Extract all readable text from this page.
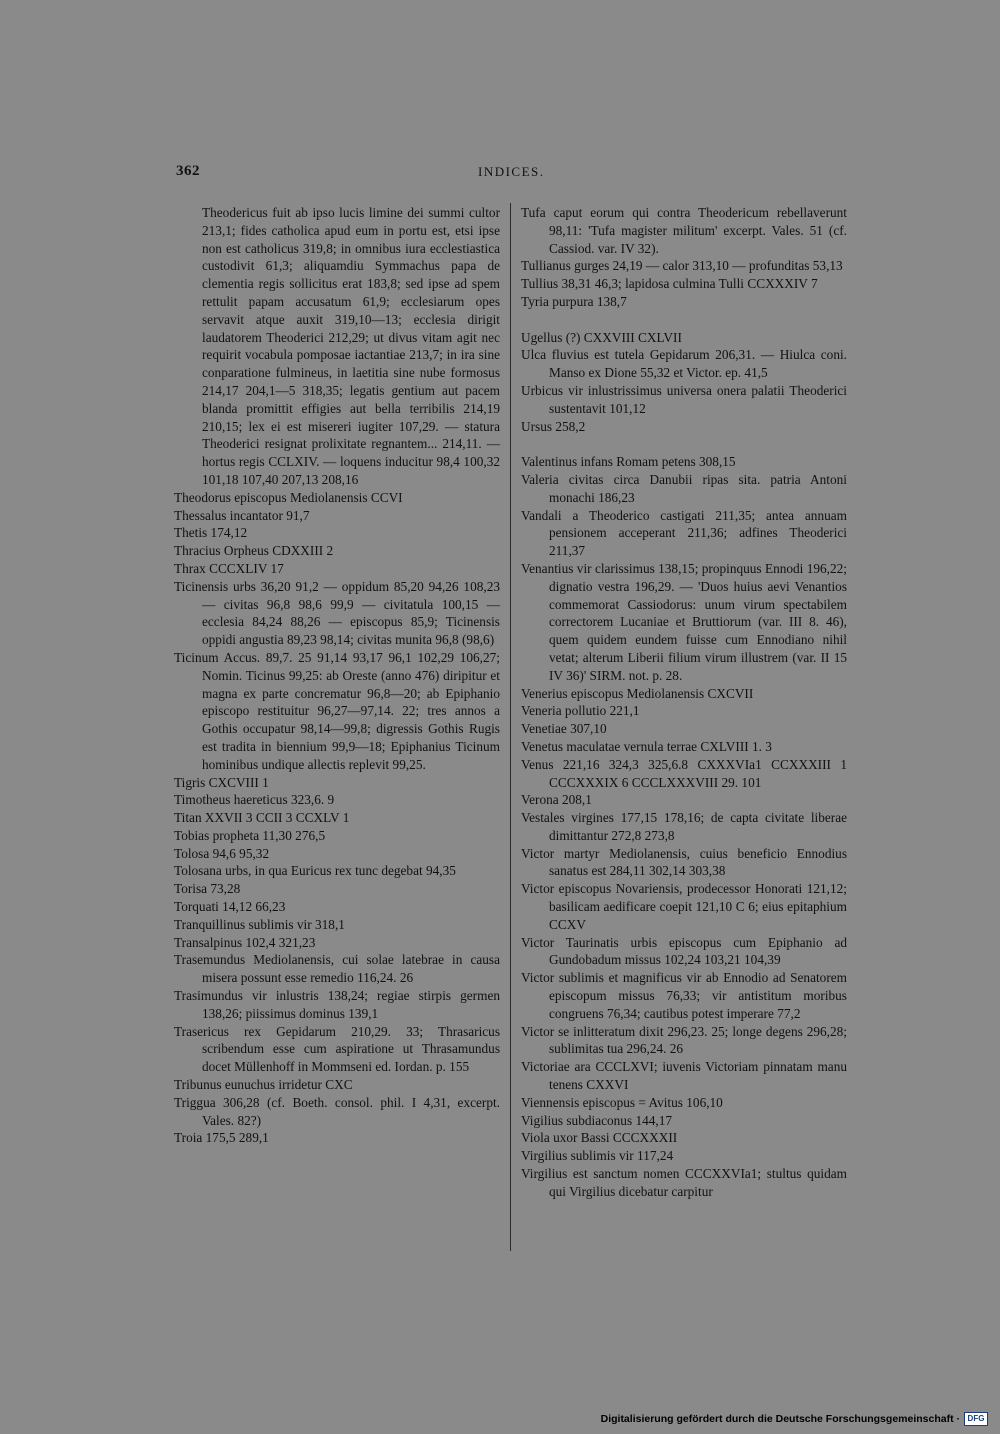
362	INDICES.
Theodericus fuit ab ipso lucis limine dei summi cultor 213,1; fides catholica apud eum in portu est, etsi ipse non est catholicus 319,8; in omnibus iura ecclestiastica custodivit 61,3; aliquamdiu Symmachus papa de clementia regis sollicitus erat 183,8; sed ipse ad spem rettulit papam accusatum 61,9; ecclesiarum opes servavit atque auxit 319,10—13; ecclesia dirigit laudatorem Theoderici 212,29; ut divus vitam agit nec requirit vocabula pomposae iactantiae 213,7; in ira sine conparatione fulmineus, in laetitia sine nube formosus 214,17 204,1—5 318,35; legatis gentium aut pacem blanda promittit effigies aut bella terribilis 214,19 210,15; lex ei est misereri iugiter 107,29. — statura Theoderici resignat prolixitate regnantem... 214,11. — hortus regis CCLXIV. — loquens inducitur 98,4 100,32 101,18 107,40 207,13 208,16
Theodorus episcopus Mediolanensis CCVI
Thessalus incantator 91,7
Thetis 174,12
Thracius Orpheus CDXXIII 2
Thrax CCCXLIV 17
Ticinensis urbs 36,20 91,2 — oppidum 85,20 94,26 108,23 — civitas 96,8 98,6 99,9 — civitatula 100,15 — ecclesia 84,24 88,26 — episcopus 85,9; Ticinensis oppidi angustia 89,23 98,14; civitas munita 96,8 (98,6)
Ticinum Accus. 89,7. 25 91,14 93,17 96,1 102,29 106,27; Nomin. Ticinus 99,25: ab Oreste (anno 476) diripitur et magna ex parte concrematur 96,8—20; ab Epiphanio episcopo restituitur 96,27—97,14. 22; tres annos a Gothis occupatur 98,14—99,8; digressis Gothis Rugis est tradita in biennium 99,9—18; Epiphanius Ticinum hominibus undique allectis replevit 99,25.
Tigris CXCVIII 1
Timotheus haereticus 323,6. 9
Titan XXVII 3 CCII 3 CCXLV 1
Tobias propheta 11,30 276,5
Tolosa 94,6 95,32
Tolosana urbs, in qua Euricus rex tunc degebat 94,35
Torisa 73,28
Torquati 14,12 66,23
Tranquillinus sublimis vir 318,1
Transalpinus 102,4 321,23
Trasemundus Mediolanensis, cui solae latebrae in causa misera possunt esse remedio 116,24. 26
Trasimundus vir inlustris 138,24; regiae stirpis germen 138,26; piissimus dominus 139,1
Trasericus rex Gepidarum 210,29. 33; Thrasaricus scribendum esse cum aspiratione ut Thrasamundus docet Müllenhoff in Mommseni ed. Iordan. p. 155
Tribunus eunuchus irridetur CXC
Triggua 306,28 (cf. Boeth. consol. phil. I 4,31, excerpt. Vales. 82?)
Troia 175,5 289,1
Tufa caput eorum qui contra Theodericum rebellaverunt 98,11: 'Tufa magister militum' excerpt. Vales. 51 (cf. Cassiod. var. IV 32).
Tullianus gurges 24,19 — calor 313,10 — profunditas 53,13
Tullius 38,31 46,3; lapidosa culmina Tulli CCXXXIV 7
Tyria purpura 138,7
Ugellus (?) CXXVIII CXLVII
Ulca fluvius est tutela Gepidarum 206,31. — Hiulca coni. Manso ex Dione 55,32 et Victor. ep. 41,5
Urbicus vir inlustrissimus universa onera palatii Theoderici sustentavit 101,12
Ursus 258,2
Valentinus infans Romam petens 308,15
Valeria civitas circa Danubii ripas sita. patria Antoni monachi 186,23
Vandali a Theoderico castigati 211,35; antea annuam pensionem acceperant 211,36; adfines Theoderici 211,37
Venantius vir clarissimus 138,15; propinquus Ennodi 196,22; dignatio vestra 196,29. — 'Duos huius aevi Venantios commemorat Cassiodorus: unum virum spectabilem correctorem Lucaniae et Bruttiorum (var. III 8. 46), quem quidem eundem fuisse cum Ennodiano nihil vetat; alterum Liberii filium virum illustrem (var. II 15 IV 36)' SIRM. not. p. 28.
Venerius episcopus Mediolanensis CXCVII
Veneria pollutio 221,1
Venetiae 307,10
Venetus maculatae vernula terrae CXLVIII 1. 3
Venus 221,16 324,3 325,6.8 CXXXVIa1 CCXXXIII 1 CCCXXXIX 6 CCCLXXXVIII 29. 101
Verona 208,1
Vestales virgines 177,15 178,16; de capta civitate liberae dimittantur 272,8 273,8
Victor martyr Mediolanensis, cuius beneficio Ennodius sanatus est 284,11 302,14 303,38
Victor episcopus Novariensis, prodecessor Honorati 121,12; basilicam aedificare coepit 121,10 C 6; eius epitaphium CCXV
Victor Taurinatis urbis episcopus cum Epiphanio ad Gundobadum missus 102,24 103,21 104,39
Victor sublimis et magnificus vir ab Ennodio ad Senatorem episcopum missus 76,33; vir antistitum moribus congruens 76,34; cautibus potest imperare 77,2
Victor se inlitteratum dixit 296,23. 25; longe degens 296,28; sublimitas tua 296,24. 26
Victoriae ara CCCLXVI; iuvenis Victoriam pinnatam manu tenens CXXVI
Viennensis episcopus = Avitus 106,10
Vigilius subdiaconus 144,17
Viola uxor Bassi CCCXXXII
Virgilius sublimis vir 117,24
Virgilius est sanctum nomen CCCXXVIa1; stultus quidam qui Virgilius dicebatur carpitur
Digitalisierung gefördert durch die Deutsche Forschungsgemeinschaft · DFG
